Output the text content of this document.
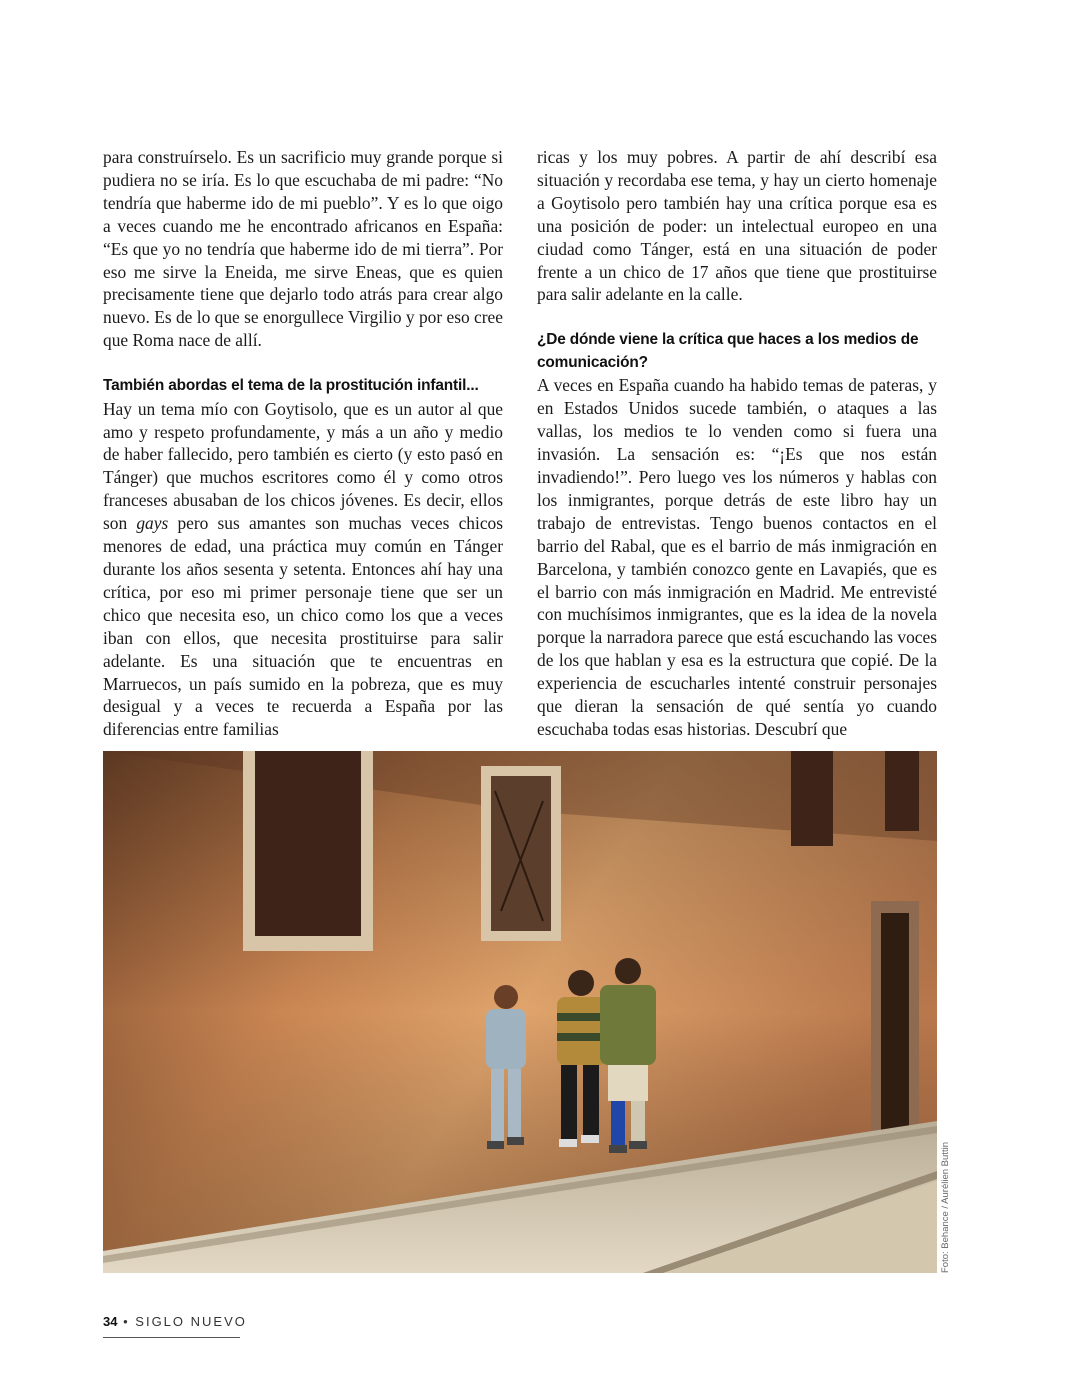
para construírselo. Es un sacrificio muy grande porque si pudiera no se iría. Es lo que escuchaba de mi padre: “No tendría que haberme ido de mi pueblo”. Y es lo que oigo a veces cuando me he encontrado africanos en España: “Es que yo no tendría que haberme ido de mi tierra”. Por eso me sirve la Eneida, me sirve Eneas, que es quien precisamente tiene que dejarlo todo atrás para crear algo nuevo. Es de lo que se enorgullece Virgilio y por eso cree que Roma nace de allí.

También abordas el tema de la prostitución infantil...

Hay un tema mío con Goytisolo, que es un autor al que amo y respeto profundamente, y más a un año y medio de haber fallecido, pero también es cierto (y esto pasó en Tánger) que muchos escritores como él y como otros franceses abusaban de los chicos jóvenes. Es decir, ellos son gays pero sus amantes son muchas veces chicos menores de edad, una práctica muy común en Tánger durante los años sesenta y setenta. Entonces ahí hay una crítica, por eso mi primer personaje tiene que ser un chico que necesita eso, un chico como los que a veces iban con ellos, que necesita prostituirse para salir adelante. Es una situación que te encuentras en Marruecos, un país sumido en la pobreza, que es muy desigual y a veces te recuerda a España por las diferencias entre familias

ricas y los muy pobres. A partir de ahí describí esa situación y recordaba ese tema, y hay un cierto homenaje a Goytisolo pero también hay una crítica porque esa es una posición de poder: un intelectual europeo en una ciudad como Tánger, está en una situación de poder frente a un chico de 17 años que tiene que prostituirse para salir adelante en la calle.

¿De dónde viene la crítica que haces a los medios de comunicación?

A veces en España cuando ha habido temas de pateras, y en Estados Unidos sucede también, o ataques a las vallas, los medios te lo venden como si fuera una invasión. La sensación es: “¡Es que nos están invadiendo!”. Pero luego ves los números y hablas con los inmigrantes, porque detrás de este libro hay un trabajo de entrevistas. Tengo buenos contactos en el barrio del Rabal, que es el barrio de más inmigración en Barcelona, y también conozco gente en Lavapiés, que es el barrio con más inmigración en Madrid. Me entrevisté con muchísimos inmigrantes, que es la idea de la novela porque la narradora parece que está escuchando las voces de los que hablan y esa es la estructura que copié. De la experiencia de escucharles intenté construir personajes que dieran la sensación de qué sentía yo cuando escuchaba todas esas historias. Descubrí que

Foto: Behance / Aurélien Buttin
34 • SIGLO NUEVO
